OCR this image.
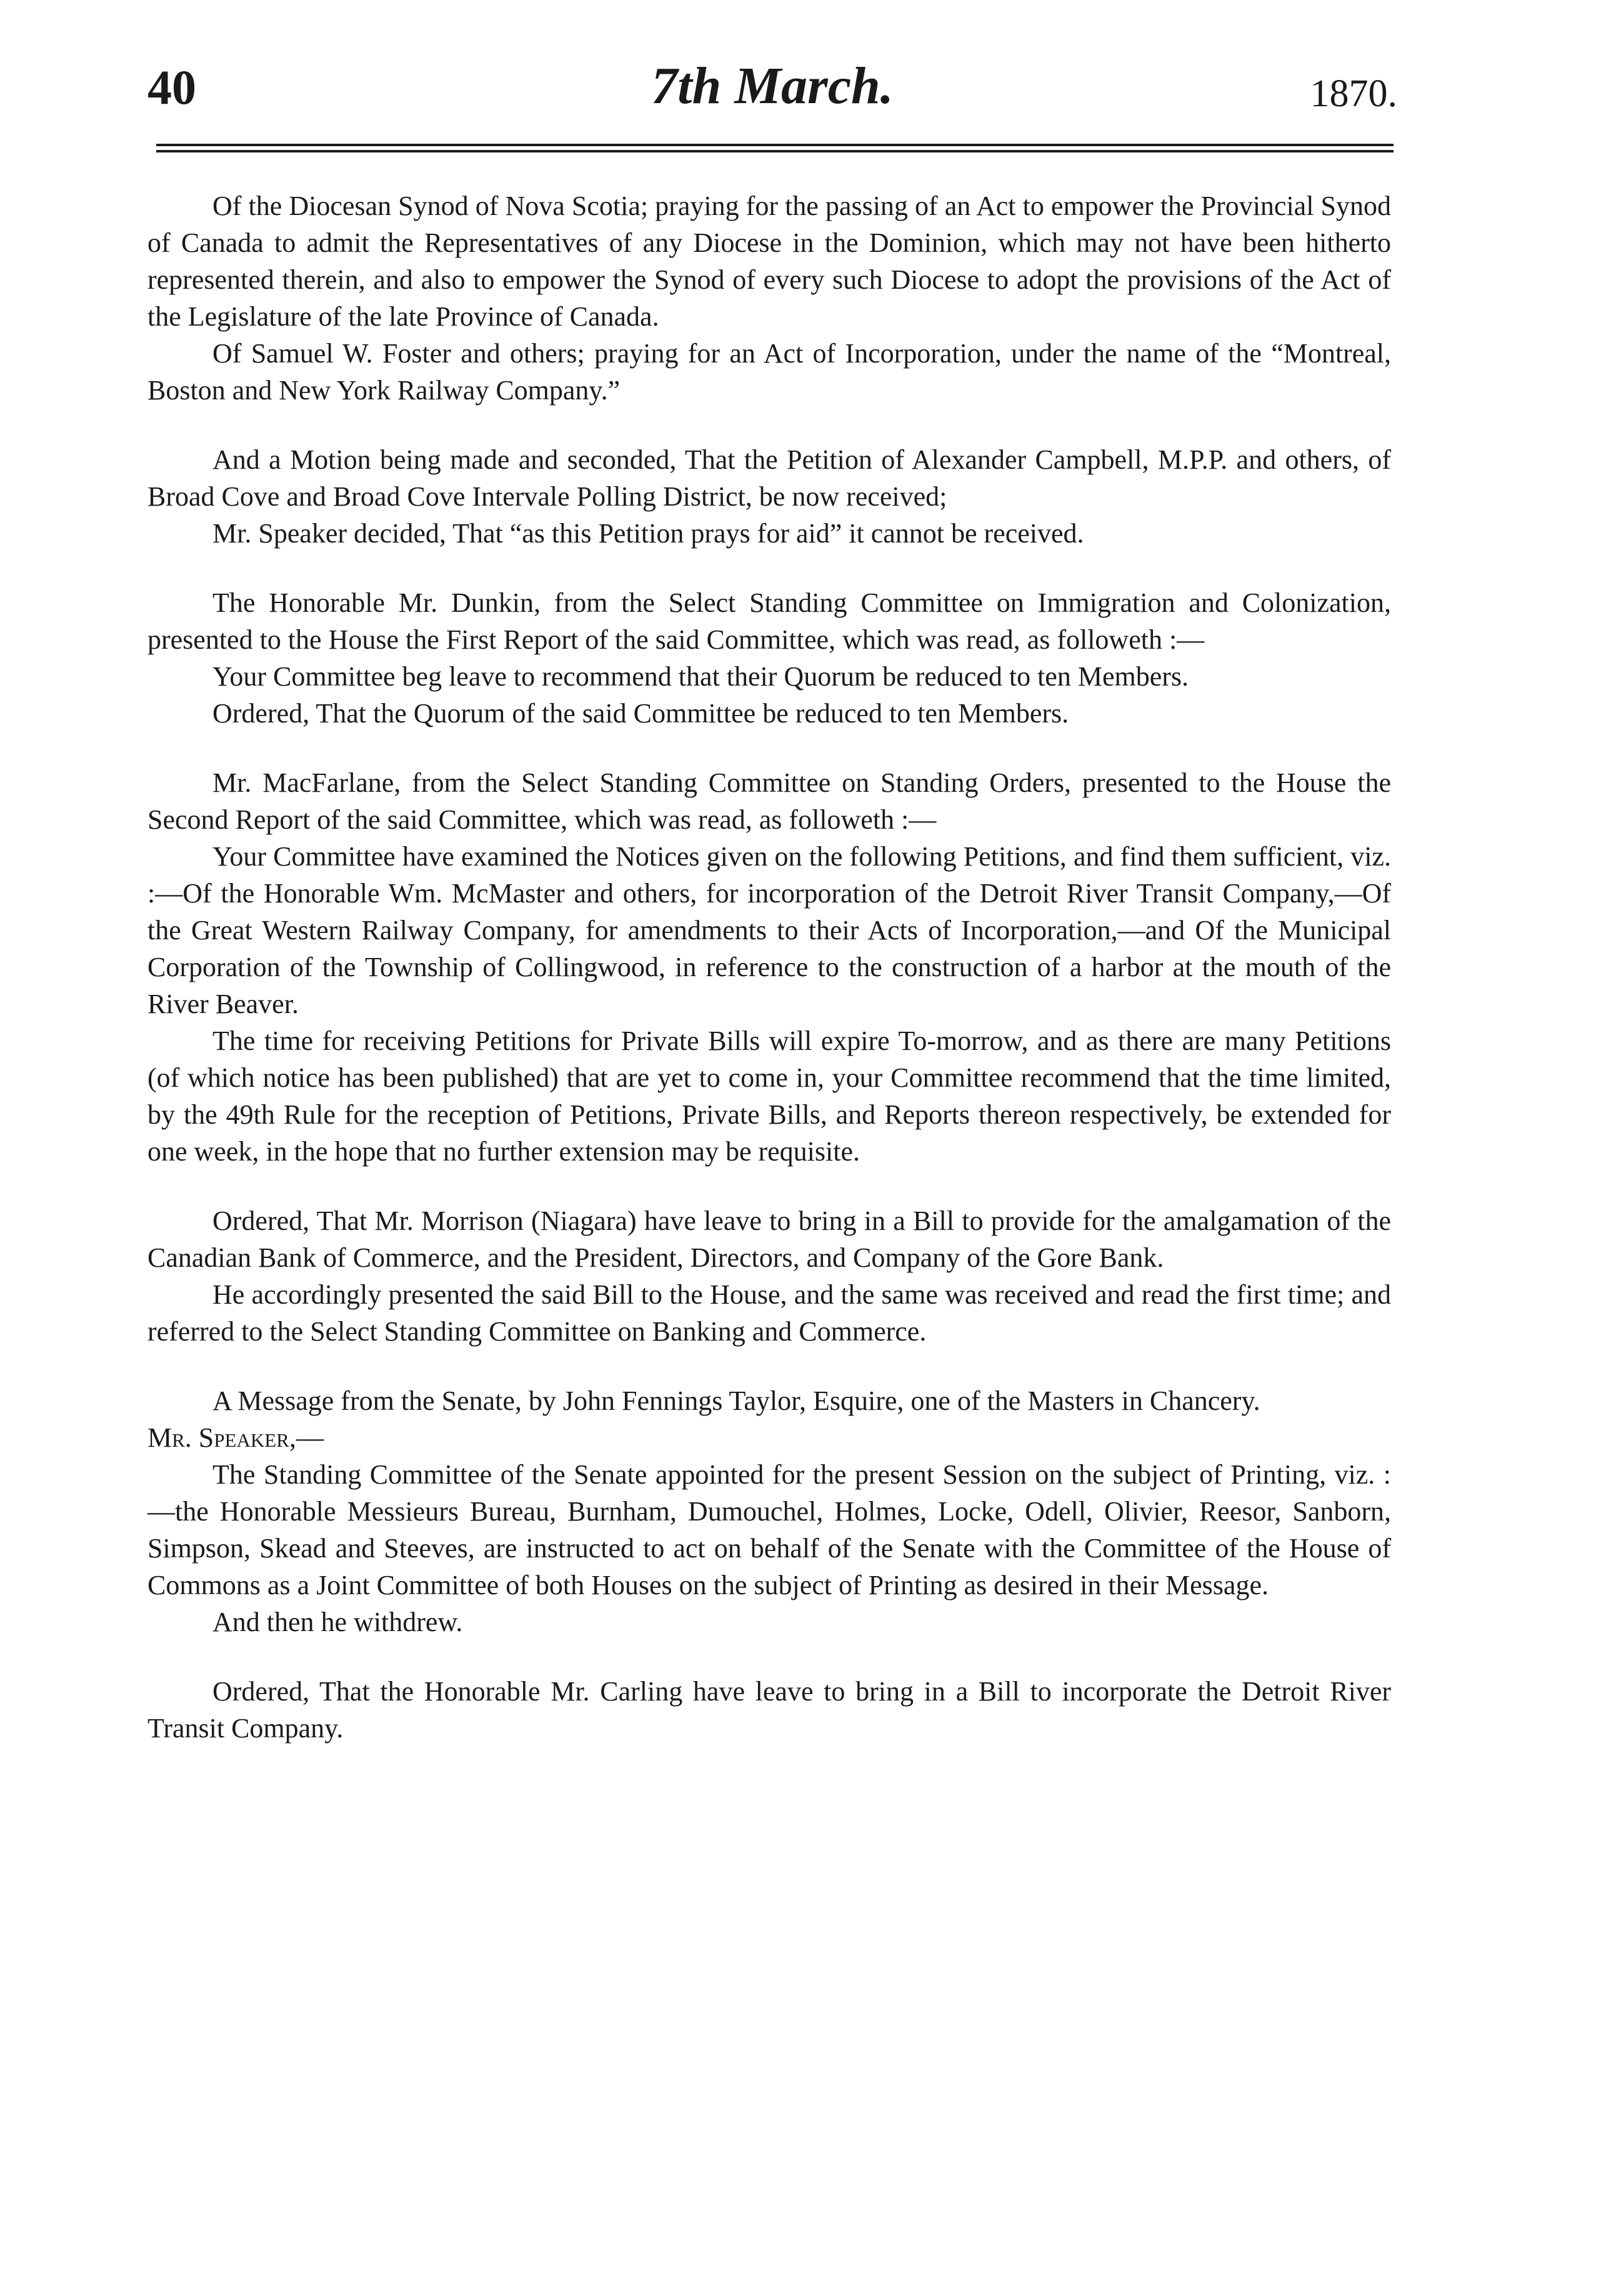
40	7th March.	1870.

Of the Diocesan Synod of Nova Scotia; praying for the passing of an Act to empower the Provincial Synod of Canada to admit the Representatives of any Diocese in the Dominion, which may not have been hitherto represented therein, and also to empower the Synod of every such Diocese to adopt the provisions of the Act of the Legislature of the late Province of Canada.

Of Samuel W. Foster and others; praying for an Act of Incorporation, under the name of the “Montreal, Boston and New York Railway Company.”

And a Motion being made and seconded, That the Petition of Alexander Campbell, M.P.P. and others, of Broad Cove and Broad Cove Intervale Polling District, be now received;

Mr. Speaker decided, That “as this Petition prays for aid” it cannot be received.

The Honorable Mr. Dunkin, from the Select Standing Committee on Immigration and Colonization, presented to the House the First Report of the said Committee, which was read, as followeth :—

Your Committee beg leave to recommend that their Quorum be reduced to ten Members.

Ordered, That the Quorum of the said Committee be reduced to ten Members.

Mr. MacFarlane, from the Select Standing Committee on Standing Orders, presented to the House the Second Report of the said Committee, which was read, as followeth :—

Your Committee have examined the Notices given on the following Petitions, and find them sufficient, viz. :—Of the Honorable Wm. McMaster and others, for incorporation of the Detroit River Transit Company,—Of the Great Western Railway Company, for amendments to their Acts of Incorporation,—and Of the Municipal Corporation of the Township of Collingwood, in reference to the construction of a harbor at the mouth of the River Beaver.

The time for receiving Petitions for Private Bills will expire To-morrow, and as there are many Petitions (of which notice has been published) that are yet to come in, your Committee recommend that the time limited, by the 49th Rule for the reception of Petitions, Private Bills, and Reports thereon respectively, be extended for one week, in the hope that no further extension may be requisite.

Ordered, That Mr. Morrison (Niagara) have leave to bring in a Bill to provide for the amalgamation of the Canadian Bank of Commerce, and the President, Directors, and Company of the Gore Bank.

He accordingly presented the said Bill to the House, and the same was received and read the first time; and referred to the Select Standing Committee on Banking and Commerce.

A Message from the Senate, by John Fennings Taylor, Esquire, one of the Masters in Chancery.

Mr. Speaker,—

The Standing Committee of the Senate appointed for the present Session on the subject of Printing, viz. :—the Honorable Messieurs Bureau, Burnham, Dumouchel, Holmes, Locke, Odell, Olivier, Reesor, Sanborn, Simpson, Skead and Steeves, are instructed to act on behalf of the Senate with the Committee of the House of Commons as a Joint Committee of both Houses on the subject of Printing as desired in their Message.

And then he withdrew.

Ordered, That the Honorable Mr. Carling have leave to bring in a Bill to incorporate the Detroit River Transit Company.
